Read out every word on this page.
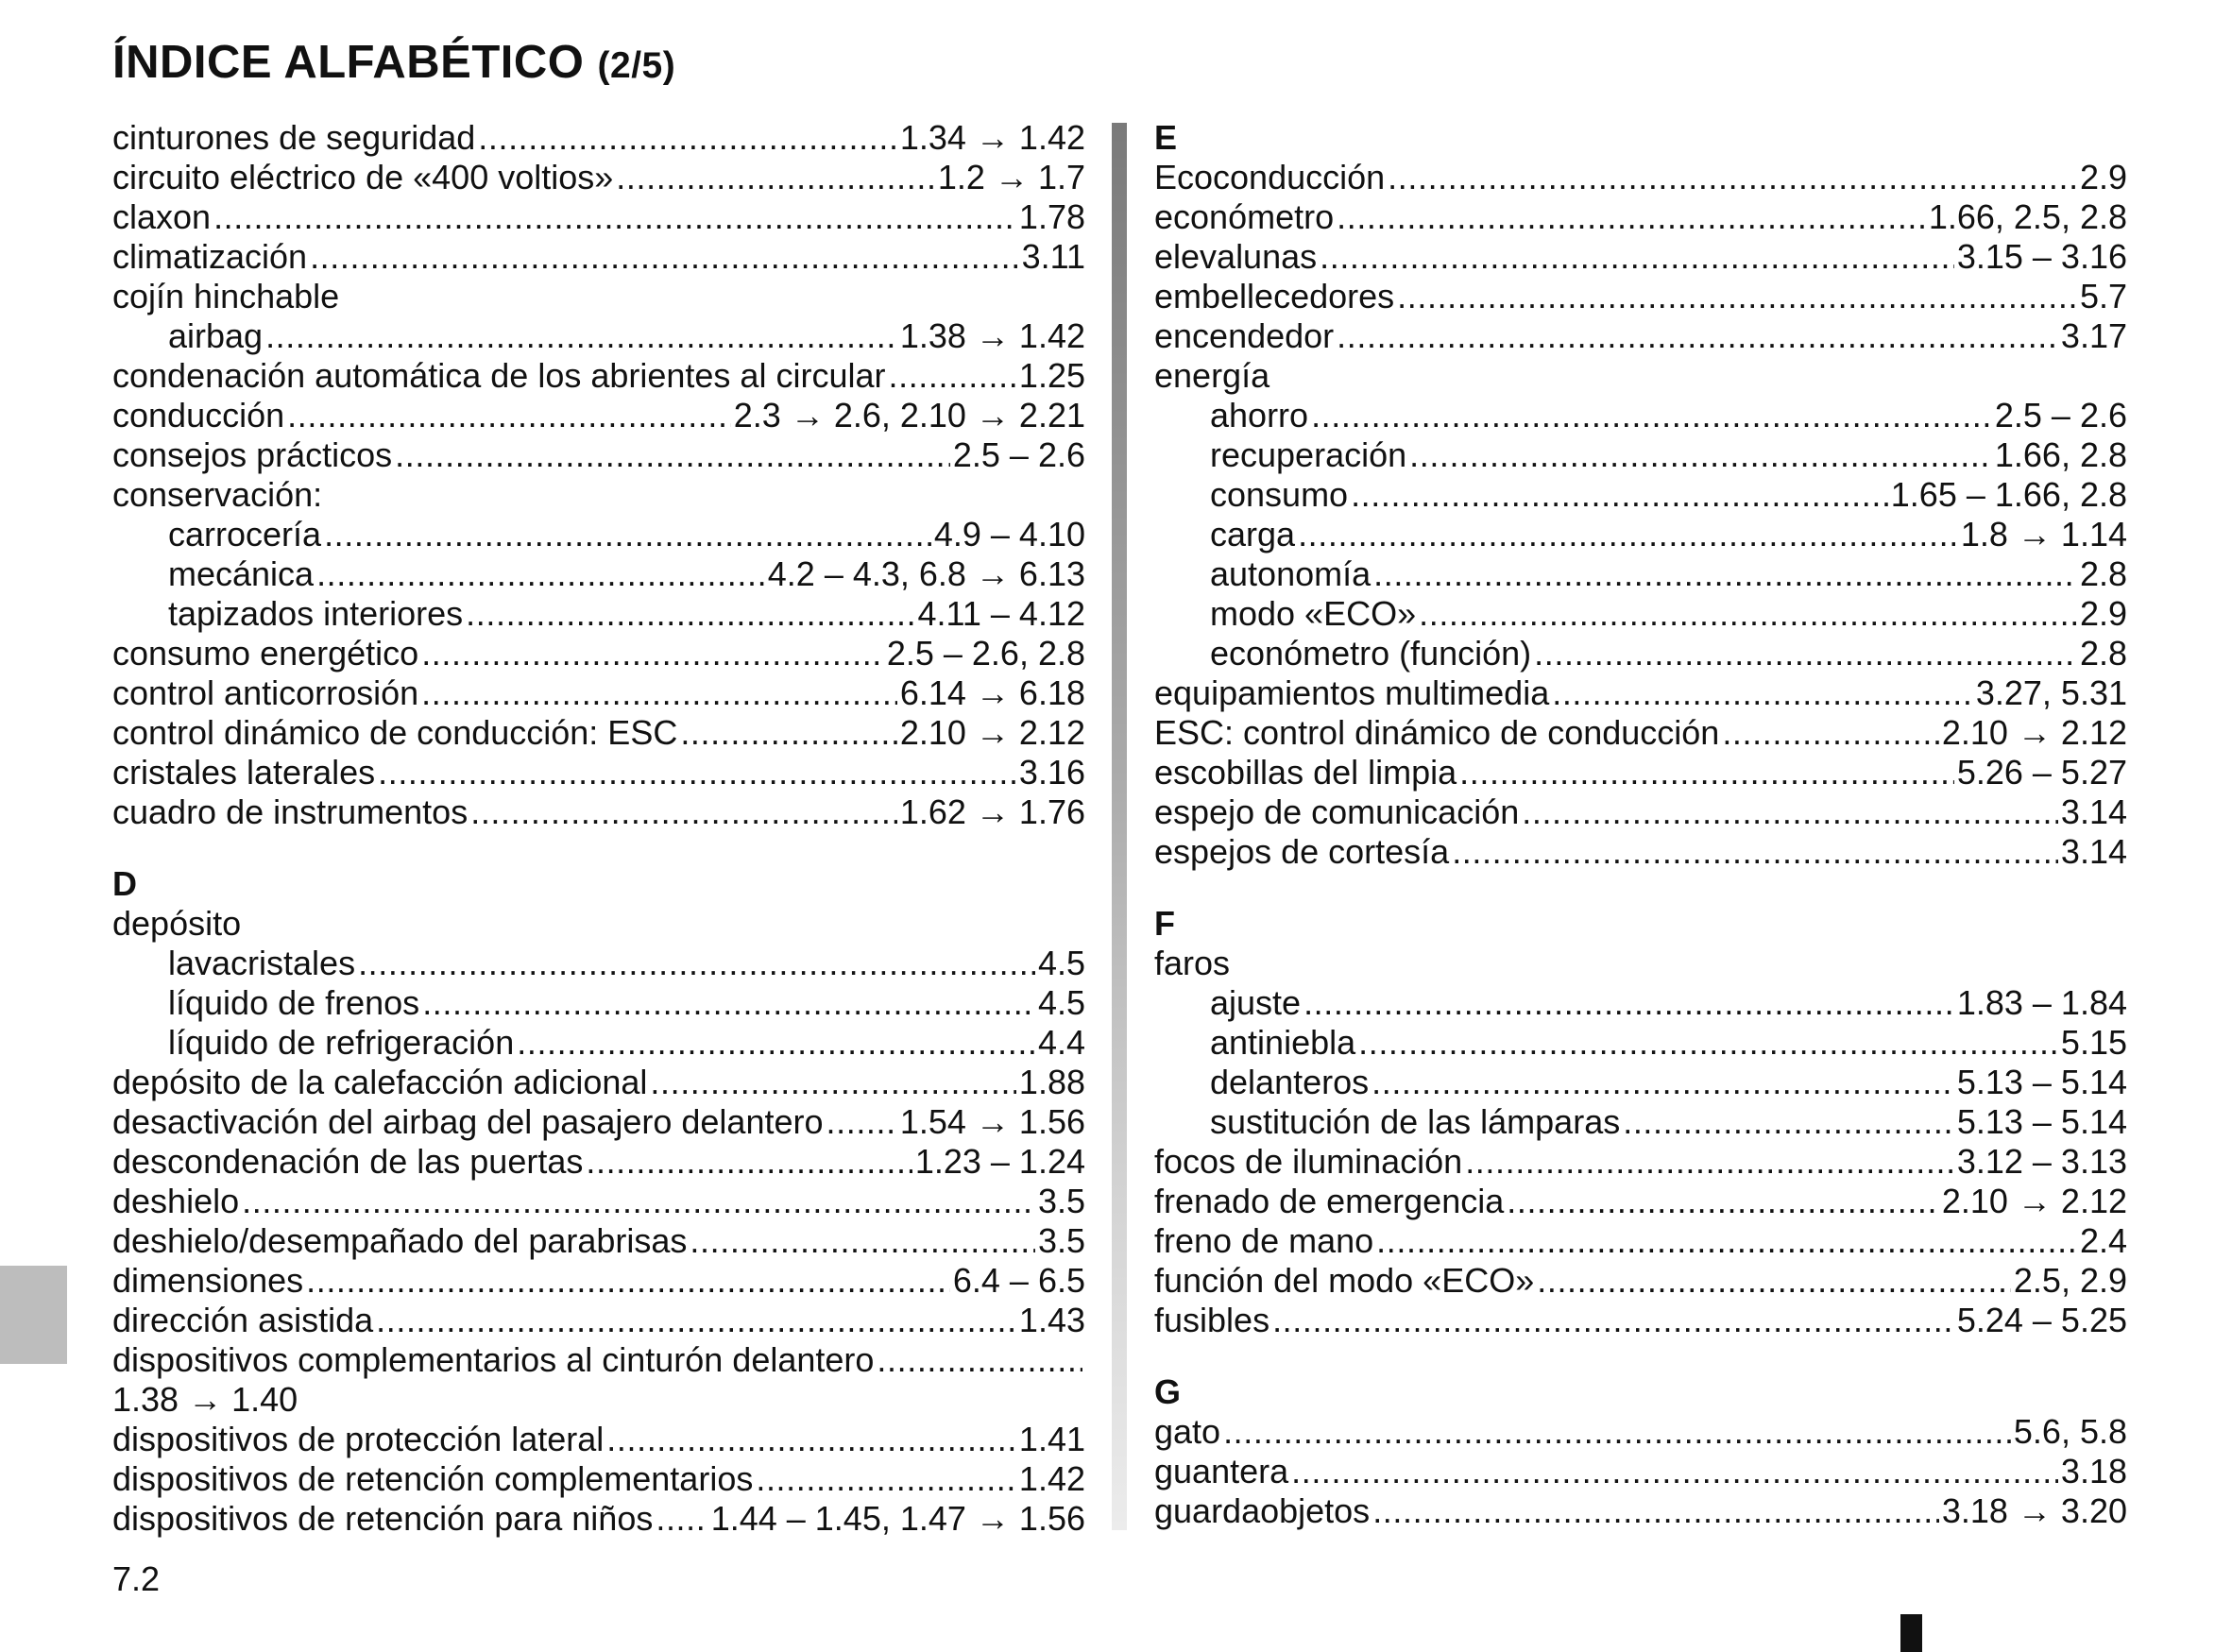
ÍNDICE ALFABÉTICO (2/5)
cinturones de seguridad .....	1.34 → 1.42
circuito eléctrico de «400 voltios» .....	1.2 → 1.7
claxon .....	1.78
climatización .....	3.11
cojín hinchable
airbag .....	1.38 → 1.42
condenación automática de los abrientes al circular .....	1.25
conducción .....	2.3 → 2.6, 2.10 → 2.21
consejos prácticos .....	2.5 – 2.6
conservación:
carrocería .....	4.9 – 4.10
mecánica .....	4.2 – 4.3, 6.8 → 6.13
tapizados interiores .....	4.11 – 4.12
consumo energético .....	2.5 – 2.6, 2.8
control anticorrosión .....	6.14 → 6.18
control dinámico de conducción: ESC .....	2.10 → 2.12
cristales laterales .....	3.16
cuadro de instrumentos .....	1.62 → 1.76
D
depósito
lavacristales .....	4.5
líquido de frenos .....	4.5
líquido de refrigeración .....	4.4
depósito de la calefacción adicional .....	1.88
desactivación del airbag del pasajero delantero ..... 1.54 → 1.56
descondenación de las puertas .....	1.23 – 1.24
deshielo .....	3.5
deshielo/desempañado del parabrisas .....	3.5
dimensiones .....	6.4 – 6.5
dirección asistida .....	1.43
dispositivos complementarios al cinturón delantero
.....
1.38 → 1.40
dispositivos de protección lateral .....	1.41
dispositivos de retención complementarios .....	1.42
dispositivos de retención para niños ..... 1.44 – 1.45, 1.47 → 1.56
E
Ecoconducción .....	2.9
económetro .....	1.66, 2.5, 2.8
elevalunas .....	3.15 – 3.16
embellecedores .....	5.7
encendedor .....	3.17
energía
ahorro .....	2.5 – 2.6
recuperación .....	1.66, 2.8
consumo .....	1.65 – 1.66, 2.8
carga .....	1.8 → 1.14
autonomía .....	2.8
modo «ECO» .....	2.9
económetro (función) .....	2.8
equipamientos multimedia .....	3.27, 5.31
ESC: control dinámico de conducción .....	2.10 → 2.12
escobillas del limpia .....	5.26 – 5.27
espejo de comunicación .....	3.14
espejos de cortesía .....	3.14
F
faros
ajuste .....	1.83 – 1.84
antiniebla .....	5.15
delanteros .....	5.13 – 5.14
sustitución de las lámparas .....	5.13 – 5.14
focos de iluminación .....	3.12 – 3.13
frenado de emergencia .....	2.10 → 2.12
freno de mano .....	2.4
función del modo «ECO» .....	2.5, 2.9
fusibles .....	5.24 – 5.25
G
gato .....	5.6, 5.8
guantera .....	3.18
guardaobjetos .....	3.18 → 3.20
7.2
